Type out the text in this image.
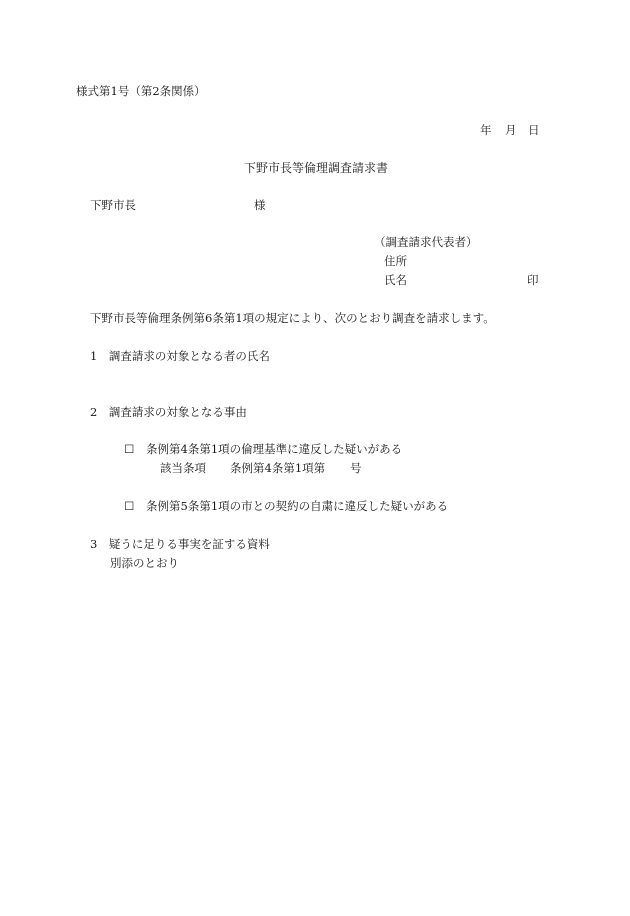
様式第1号（第2条関係）
年 月 日
下野市長等倫理調査請求書
下野市長	様
（調査請求代表者）
住所
氏名	印
下野市長等倫理条例第6条第1項の規定により、次のとおり調査を請求します。
1　調査請求の対象となる者の氏名
2　調査請求の対象となる事由
☐ 条例第4条第1項の倫理基準に違反した疑いがある
該当条項 条例第4条第1項第 号
☐ 条例第5条第1項の市との契約の自粛に違反した疑いがある
3　疑うに足りる事実を証する資料
別添のとおり
